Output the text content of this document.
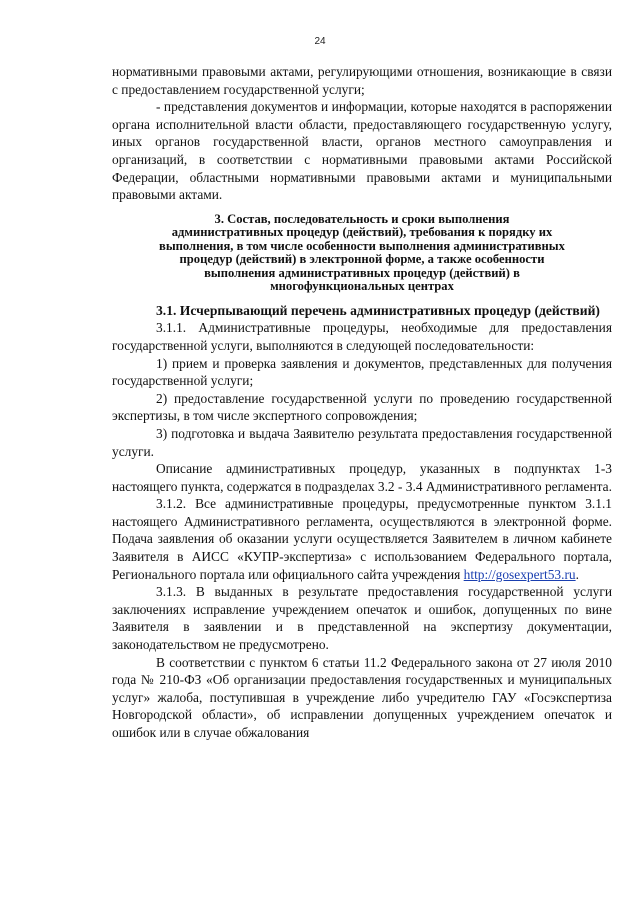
24

нормативными правовыми актами, регулирующими отношения, возникающие в связи с предоставлением государственной услуги;

- представления документов и информации, которые находятся в распоряжении органа исполнительной власти области, предоставляющего государственную услугу, иных органов государственной власти, органов местного самоуправления и организаций, в соответствии с нормативными правовыми актами Российской Федерации, областными нормативными правовыми актами и муниципальными правовыми актами.

3. Состав, последовательность и сроки выполнения
административных процедур (действий), требования к порядку их
выполнения, в том числе особенности выполнения административных
процедур (действий) в электронной форме, а также особенности
выполнения административных процедур (действий) в
многофункциональных центрах

3.1. Исчерпывающий перечень административных процедур (действий)

3.1.1. Административные процедуры, необходимые для предоставления государственной услуги, выполняются в следующей последовательности:

1) прием и проверка заявления и документов, представленных для получения государственной услуги;

2) предоставление государственной услуги по проведению государственной экспертизы, в том числе экспертного сопровождения;

3) подготовка и выдача Заявителю результата предоставления государственной услуги.

Описание административных процедур, указанных в подпунктах 1-3 настоящего пункта, содержатся в подразделах 3.2 - 3.4 Административного регламента.

3.1.2. Все административные процедуры, предусмотренные пунктом 3.1.1 настоящего Административного регламента, осуществляются в электронной форме. Подача заявления об оказании услуги осуществляется Заявителем в личном кабинете Заявителя в АИСС «КУПР-экспертиза» с использованием Федерального портала, Регионального портала или официального сайта учреждения http://gosexpert53.ru.

3.1.3. В выданных в результате предоставления государственной услуги заключениях исправление учреждением опечаток и ошибок, допущенных по вине Заявителя в заявлении и в представленной на экспертизу документации, законодательством не предусмотрено.

В соответствии с пунктом 6 статьи 11.2 Федерального закона от 27 июля 2010 года № 210-ФЗ «Об организации предоставления государственных и муниципальных услуг» жалоба, поступившая в учреждение либо учредителю ГАУ «Госэкспертиза Новгородской области», об исправлении допущенных учреждением опечаток и ошибок или в случае обжалования
